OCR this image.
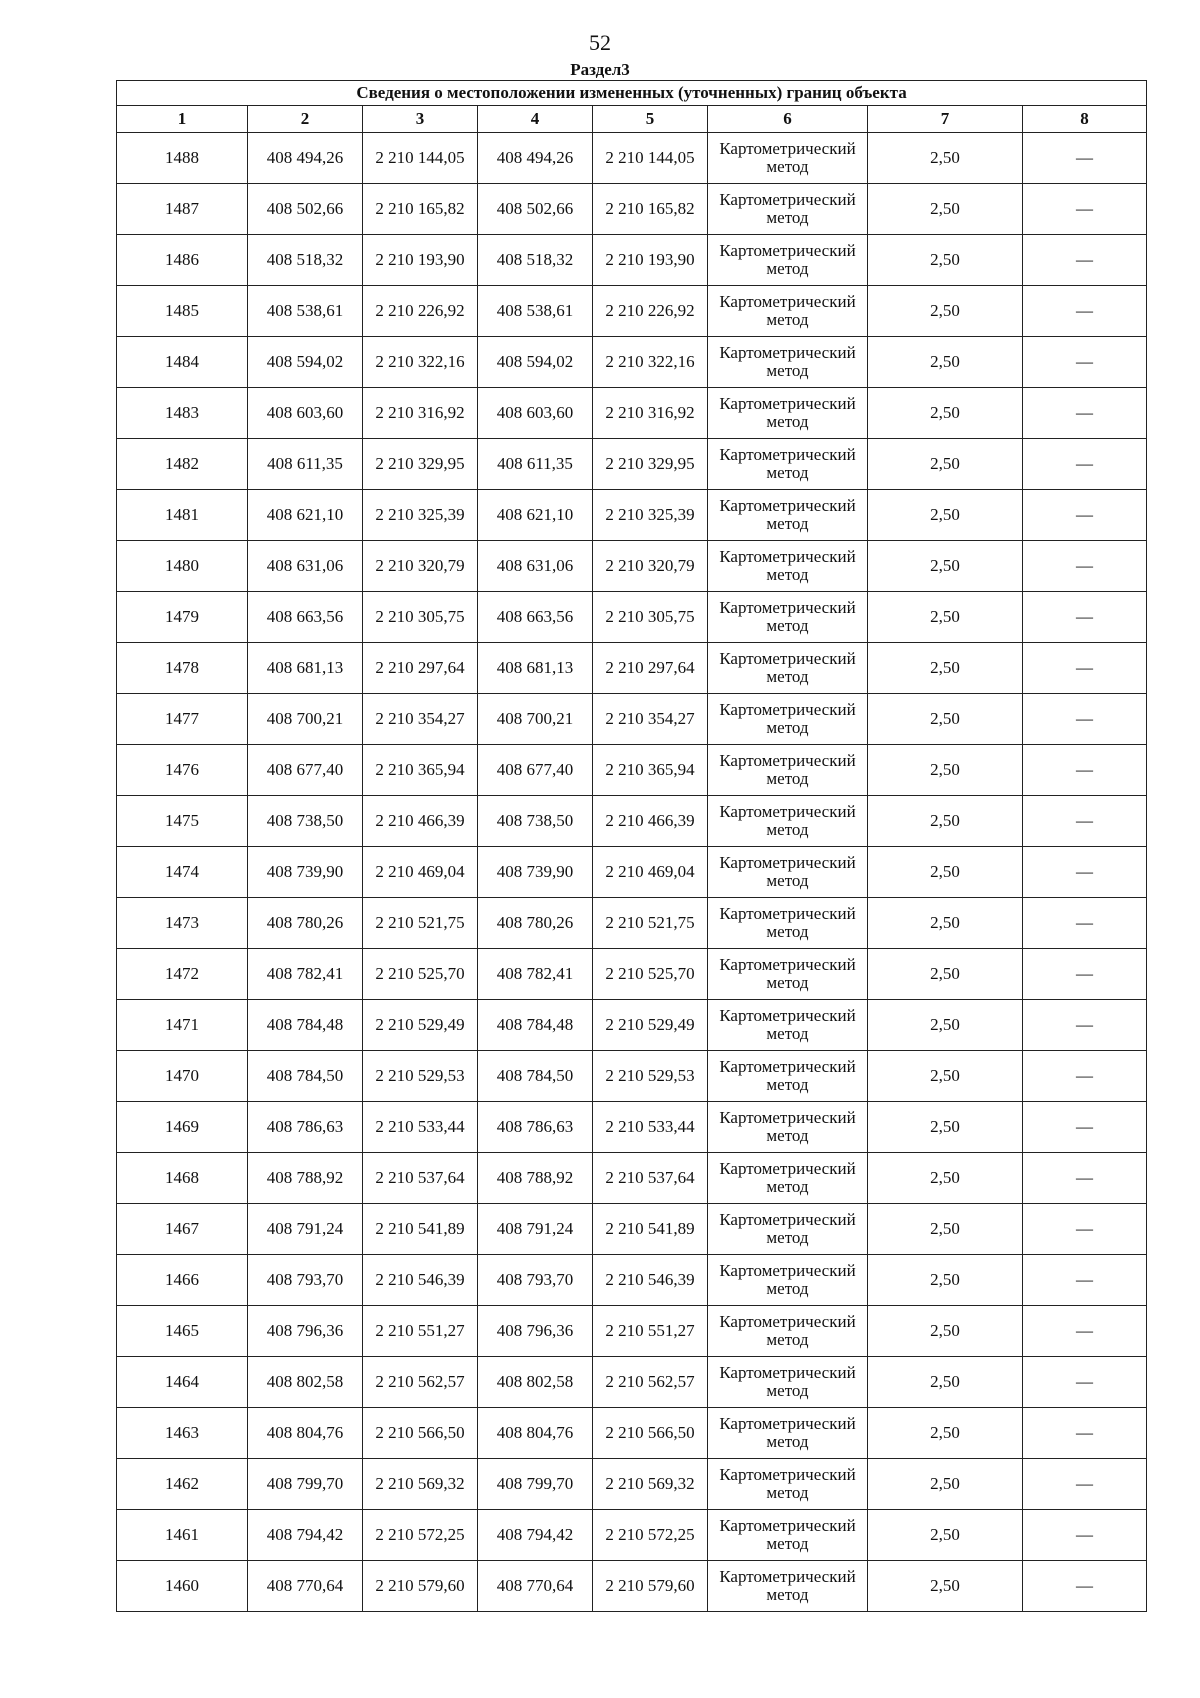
52
Раздел3
Сведения о местоположении измененных (уточненных) границ объекта							
1	2	3	4	5	6	7	8
1488	408 494,26	2 210 144,05	408 494,26	2 210 144,05	Картометрический метод	2,50	—
1487	408 502,66	2 210 165,82	408 502,66	2 210 165,82	Картометрический метод	2,50	—
1486	408 518,32	2 210 193,90	408 518,32	2 210 193,90	Картометрический метод	2,50	—
1485	408 538,61	2 210 226,92	408 538,61	2 210 226,92	Картометрический метод	2,50	—
1484	408 594,02	2 210 322,16	408 594,02	2 210 322,16	Картометрический метод	2,50	—
1483	408 603,60	2 210 316,92	408 603,60	2 210 316,92	Картометрический метод	2,50	—
1482	408 611,35	2 210 329,95	408 611,35	2 210 329,95	Картометрический метод	2,50	—
1481	408 621,10	2 210 325,39	408 621,10	2 210 325,39	Картометрический метод	2,50	—
1480	408 631,06	2 210 320,79	408 631,06	2 210 320,79	Картометрический метод	2,50	—
1479	408 663,56	2 210 305,75	408 663,56	2 210 305,75	Картометрический метод	2,50	—
1478	408 681,13	2 210 297,64	408 681,13	2 210 297,64	Картометрический метод	2,50	—
1477	408 700,21	2 210 354,27	408 700,21	2 210 354,27	Картометрический метод	2,50	—
1476	408 677,40	2 210 365,94	408 677,40	2 210 365,94	Картометрический метод	2,50	—
1475	408 738,50	2 210 466,39	408 738,50	2 210 466,39	Картометрический метод	2,50	—
1474	408 739,90	2 210 469,04	408 739,90	2 210 469,04	Картометрический метод	2,50	—
1473	408 780,26	2 210 521,75	408 780,26	2 210 521,75	Картометрический метод	2,50	—
1472	408 782,41	2 210 525,70	408 782,41	2 210 525,70	Картометрический метод	2,50	—
1471	408 784,48	2 210 529,49	408 784,48	2 210 529,49	Картометрический метод	2,50	—
1470	408 784,50	2 210 529,53	408 784,50	2 210 529,53	Картометрический метод	2,50	—
1469	408 786,63	2 210 533,44	408 786,63	2 210 533,44	Картометрический метод	2,50	—
1468	408 788,92	2 210 537,64	408 788,92	2 210 537,64	Картометрический метод	2,50	—
1467	408 791,24	2 210 541,89	408 791,24	2 210 541,89	Картометрический метод	2,50	—
1466	408 793,70	2 210 546,39	408 793,70	2 210 546,39	Картометрический метод	2,50	—
1465	408 796,36	2 210 551,27	408 796,36	2 210 551,27	Картометрический метод	2,50	—
1464	408 802,58	2 210 562,57	408 802,58	2 210 562,57	Картометрический метод	2,50	—
1463	408 804,76	2 210 566,50	408 804,76	2 210 566,50	Картометрический метод	2,50	—
1462	408 799,70	2 210 569,32	408 799,70	2 210 569,32	Картометрический метод	2,50	—
1461	408 794,42	2 210 572,25	408 794,42	2 210 572,25	Картометрический метод	2,50	—
1460	408 770,64	2 210 579,60	408 770,64	2 210 579,60	Картометрический метод	2,50	—
